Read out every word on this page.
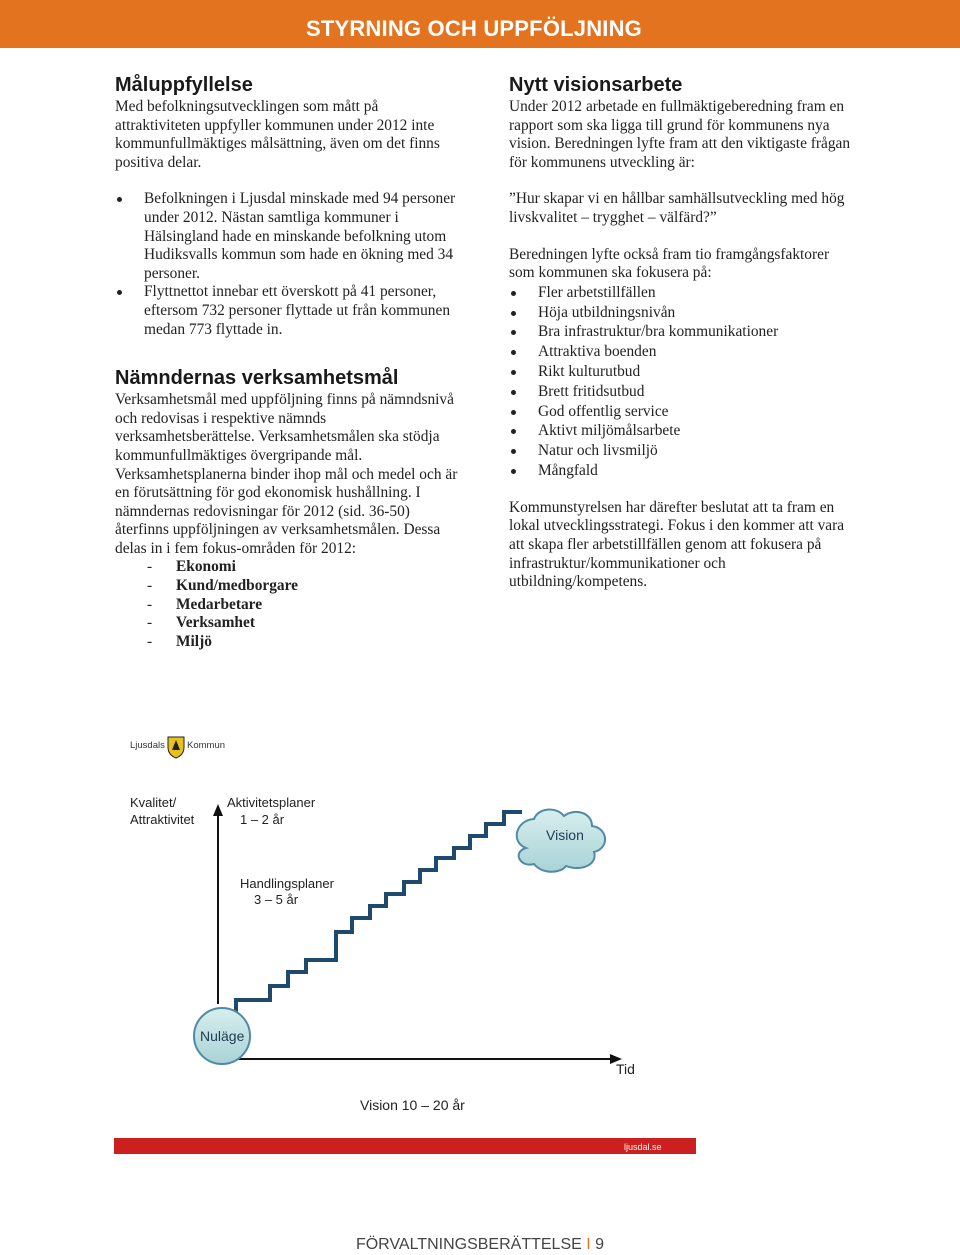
STYRNING OCH UPPFÖLJNING
Måluppfyllelse

Med befolkningsutvecklingen som mått på attraktiviteten uppfyller kommunen under 2012 inte kommunfullmäktiges målsättning, även om det finns positiva delar.

Befolkningen i Ljusdal minskade med 94 personer under 2012. Nästan samtliga kommuner i Hälsingland hade en minskande befolkning utom Hudiksvalls kommun som hade en ökning med 34 personer.
Flyttnettot innebar ett överskott på 41 personer, eftersom 732 personer flyttade ut från kommunen medan 773 flyttade in.
Nämndernas verksamhetsmål

Verksamhetsmål med uppföljning finns på nämndsnivå och redovisas i respektive nämnds verksamhetsberättelse. Verksamhetsmålen ska stödja kommunfullmäktiges övergripande mål. Verksamhetsplanerna binder ihop mål och medel och är en förutsättning för god ekonomisk hushållning. I nämndernas redovisningar för 2012 (sid. 36-50) återfinns uppföljningen av verksamhetsmålen. Dessa delas in i fem fokus-områden för 2012:

- Ekonomi
- Kund/medborgare
- Medarbetare
- Verksamhet
- Miljö
Nytt visionsarbete

Under 2012 arbetade en fullmäktigeberedning fram en rapport som ska ligga till grund för kommunens nya vision. Beredningen lyfte fram att den viktigaste frågan för kommunens utveckling är:

”Hur skapar vi en hållbar samhällsutveckling med hög livskvalitet – trygghet – välfärd?”

Beredningen lyfte också fram tio framgångsfaktorer som kommunen ska fokusera på:

Fler arbetstillfällen
Höja utbildningsnivån
Bra infrastruktur/bra kommunikationer
Attraktiva boenden
Rikt kulturutbud
Brett fritidsutbud
God offentlig service
Aktivt miljömålsarbete
Natur och livsmiljö
Mångfald

Kommunstyrelsen har därefter beslutat att ta fram en lokal utvecklingsstrategi. Fokus i den kommer att vara att skapa fler arbetstillfällen genom att fokusera på infrastruktur/kommunikationer och utbildning/kompetens.

Ljusdals Kommun
Kvalitet/
Attraktivitet
Aktivitetsplaner
1 – 2 år
Handlingsplaner
3 – 5 år
Tid
Vision
Nuläge
Vision 10 – 20 år
ljusdal.se
FÖRVALTNINGSBERÄTTELSE I 9
